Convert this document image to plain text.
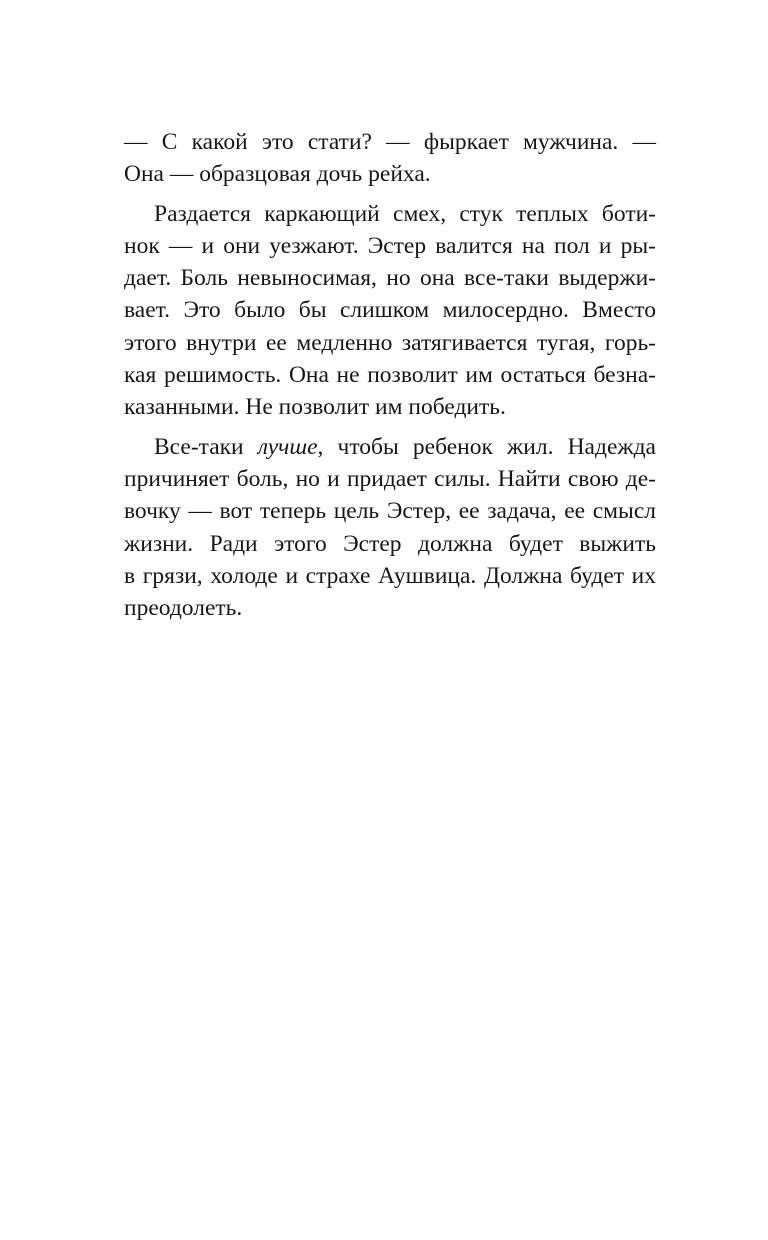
— С какой это стати? — фыркает мужчина. —
Она — образцовая дочь рейха.
Раздается каркающий смех, стук теплых боти-
нок — и они уезжают. Эстер валится на пол и ры-
дает. Боль невыносимая, но она все-таки выдержи-
вает. Это было бы слишком милосердно. Вместо
этого внутри ее медленно затягивается тугая, горь-
кая решимость. Она не позволит им остаться безна-
казанными. Не позволит им победить.
Все-таки лучше, чтобы ребенок жил. Надежда
причиняет боль, но и придает силы. Найти свою де-
вочку — вот теперь цель Эстер, ее задача, ее смысл
жизни. Ради этого Эстер должна будет выжить
в грязи, холоде и страхе Аушвица. Должна будет их
преодолеть.
